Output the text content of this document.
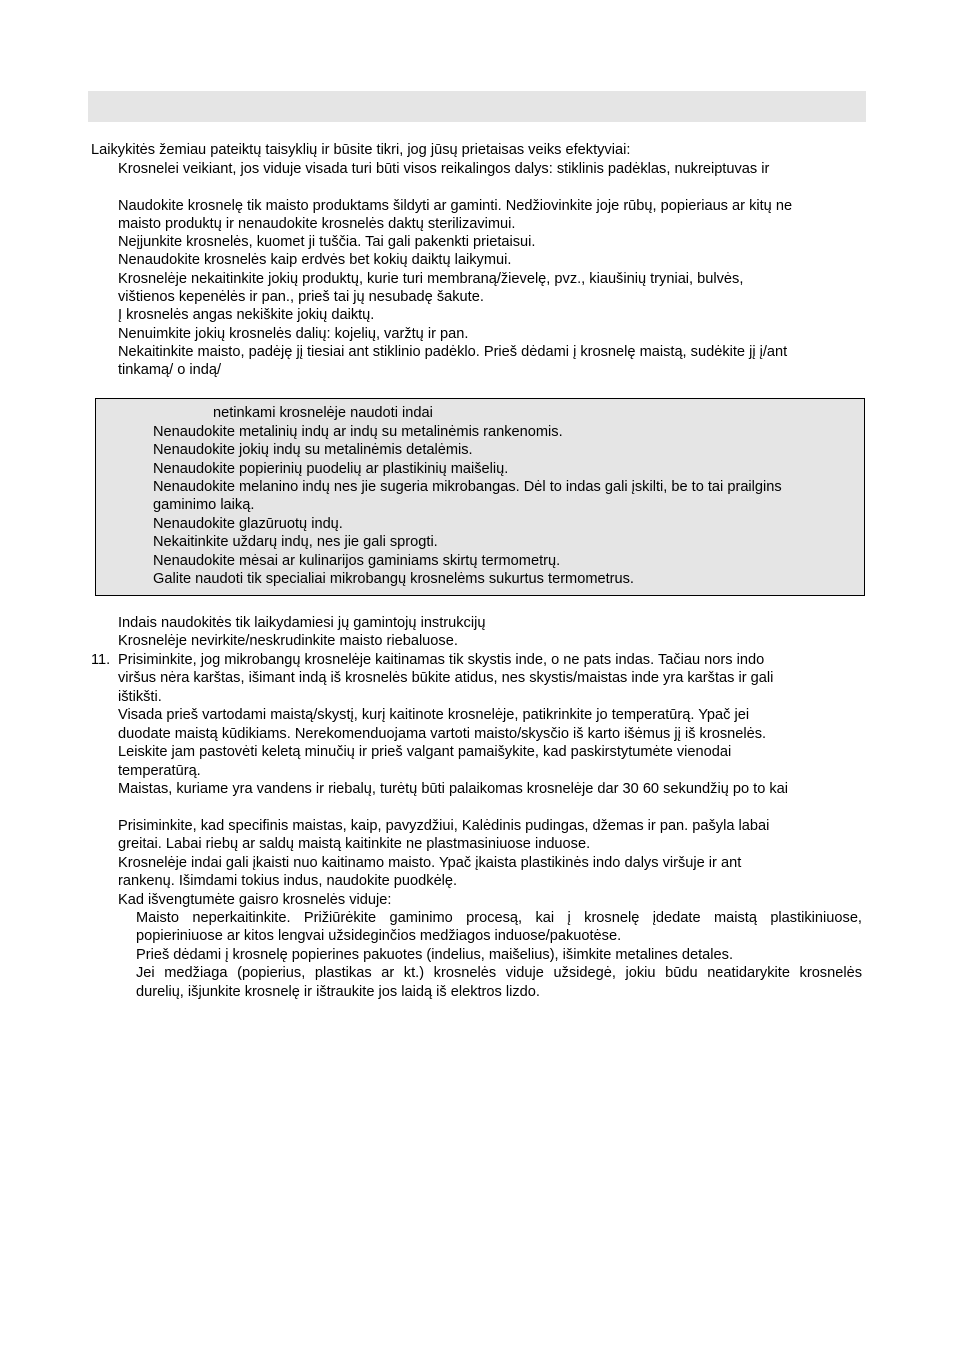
Laikykitės žemiau pateiktų taisyklių ir būsite tikri, jog jūsų prietaisas veiks efektyviai:
Krosnelei veikiant, jos viduje visada turi būti visos reikalingos dalys: stiklinis padėklas, nukreiptuvas ir
Naudokite krosnelę tik maisto produktams šildyti ar gaminti. Nedžiovinkite joje rūbų, popieriaus ar kitų ne
maisto produktų ir nenaudokite krosnelės daktų sterilizavimui.
Neįjunkite krosnelės, kuomet ji tuščia. Tai gali pakenkti prietaisui.
Nenaudokite krosnelės kaip erdvės bet kokių daiktų laikymui.
Krosnelėje nekaitinkite jokių produktų, kurie turi membraną/žievelę, pvz., kiaušinių tryniai, bulvės,
vištienos kepenėlės ir pan., prieš tai jų nesubadę šakute.
Į krosnelės angas nekiškite jokių daiktų.
Nenuimkite jokių krosnelės dalių: kojelių, varžtų ir pan.
Nekaitinkite maisto, padėję jį tiesiai ant stiklinio padėklo. Prieš dėdami į krosnelę maistą, sudėkite jį į/ant
tinkamą/ o indą/
netinkami krosnelėje naudoti indai
Nenaudokite metalinių indų ar indų su metalinėmis rankenomis.
Nenaudokite jokių indų su metalinėmis detalėmis.
Nenaudokite popierinių puodelių ar plastikinių maišelių.
Nenaudokite melanino indų nes jie sugeria mikrobangas. Dėl to indas gali įskilti, be to tai prailgins
gaminimo laiką.
Nenaudokite glazūruotų indų.
Nekaitinkite uždarų indų, nes jie gali sprogti.
Nenaudokite mėsai ar kulinarijos gaminiams skirtų termometrų.
Galite naudoti tik specialiai mikrobangų krosnelėms sukurtus termometrus.
Indais naudokitės tik laikydamiesi jų gamintojų instrukcijų
Krosnelėje nevirkite/neskrudinkite maisto riebaluose.
11. Prisiminkite, jog mikrobangų krosnelėje kaitinamas tik skystis inde, o ne pats indas. Tačiau nors indo
viršus nėra karštas, išimant indą iš krosnelės būkite atidus, nes skystis/maistas inde yra karštas ir gali
ištikšti.
Visada prieš vartodami maistą/skystį, kurį kaitinote krosnelėje, patikrinkite jo temperatūrą. Ypač jei
duodate maistą kūdikiams. Nerekomenduojama vartoti maisto/skysčio iš karto išėmus jį iš krosnelės.
Leiskite jam pastovėti keletą minučių ir prieš valgant pamaišykite, kad paskirstytumėte vienodai
temperatūrą.
Maistas, kuriame yra vandens ir riebalų, turėtų būti palaikomas krosnelėje dar 30 60 sekundžių po to kai
Prisiminkite, kad specifinis maistas, kaip, pavyzdžiui, Kalėdinis pudingas, džemas ir pan. pašyla labai
greitai. Labai riebų ar saldų maistą kaitinkite ne plastmasiniuose induose.
Krosnelėje indai gali įkaisti nuo kaitinamo maisto. Ypač įkaista plastikinės indo dalys viršuje ir ant
rankenų. Išimdami tokius indus, naudokite puodkėlę.
Kad išvengtumėte gaisro krosnelės viduje:
Maisto neperkaitinkite. Prižiūrėkite gaminimo procesą, kai į krosnelę įdedate maistą plastikiniuose,
popieriniuose ar kitos lengvai užsideginčios medžiagos induose/pakuotėse.
Prieš dėdami į krosnelę popierines pakuotes (indelius, maišelius), išimkite metalines detales.
Jei medžiaga (popierius, plastikas ar kt.) krosnelės viduje užsidegė, jokiu būdu neatidarykite krosnelės
durelių, išjunkite krosnelę ir ištraukite jos laidą iš elektros lizdo.
